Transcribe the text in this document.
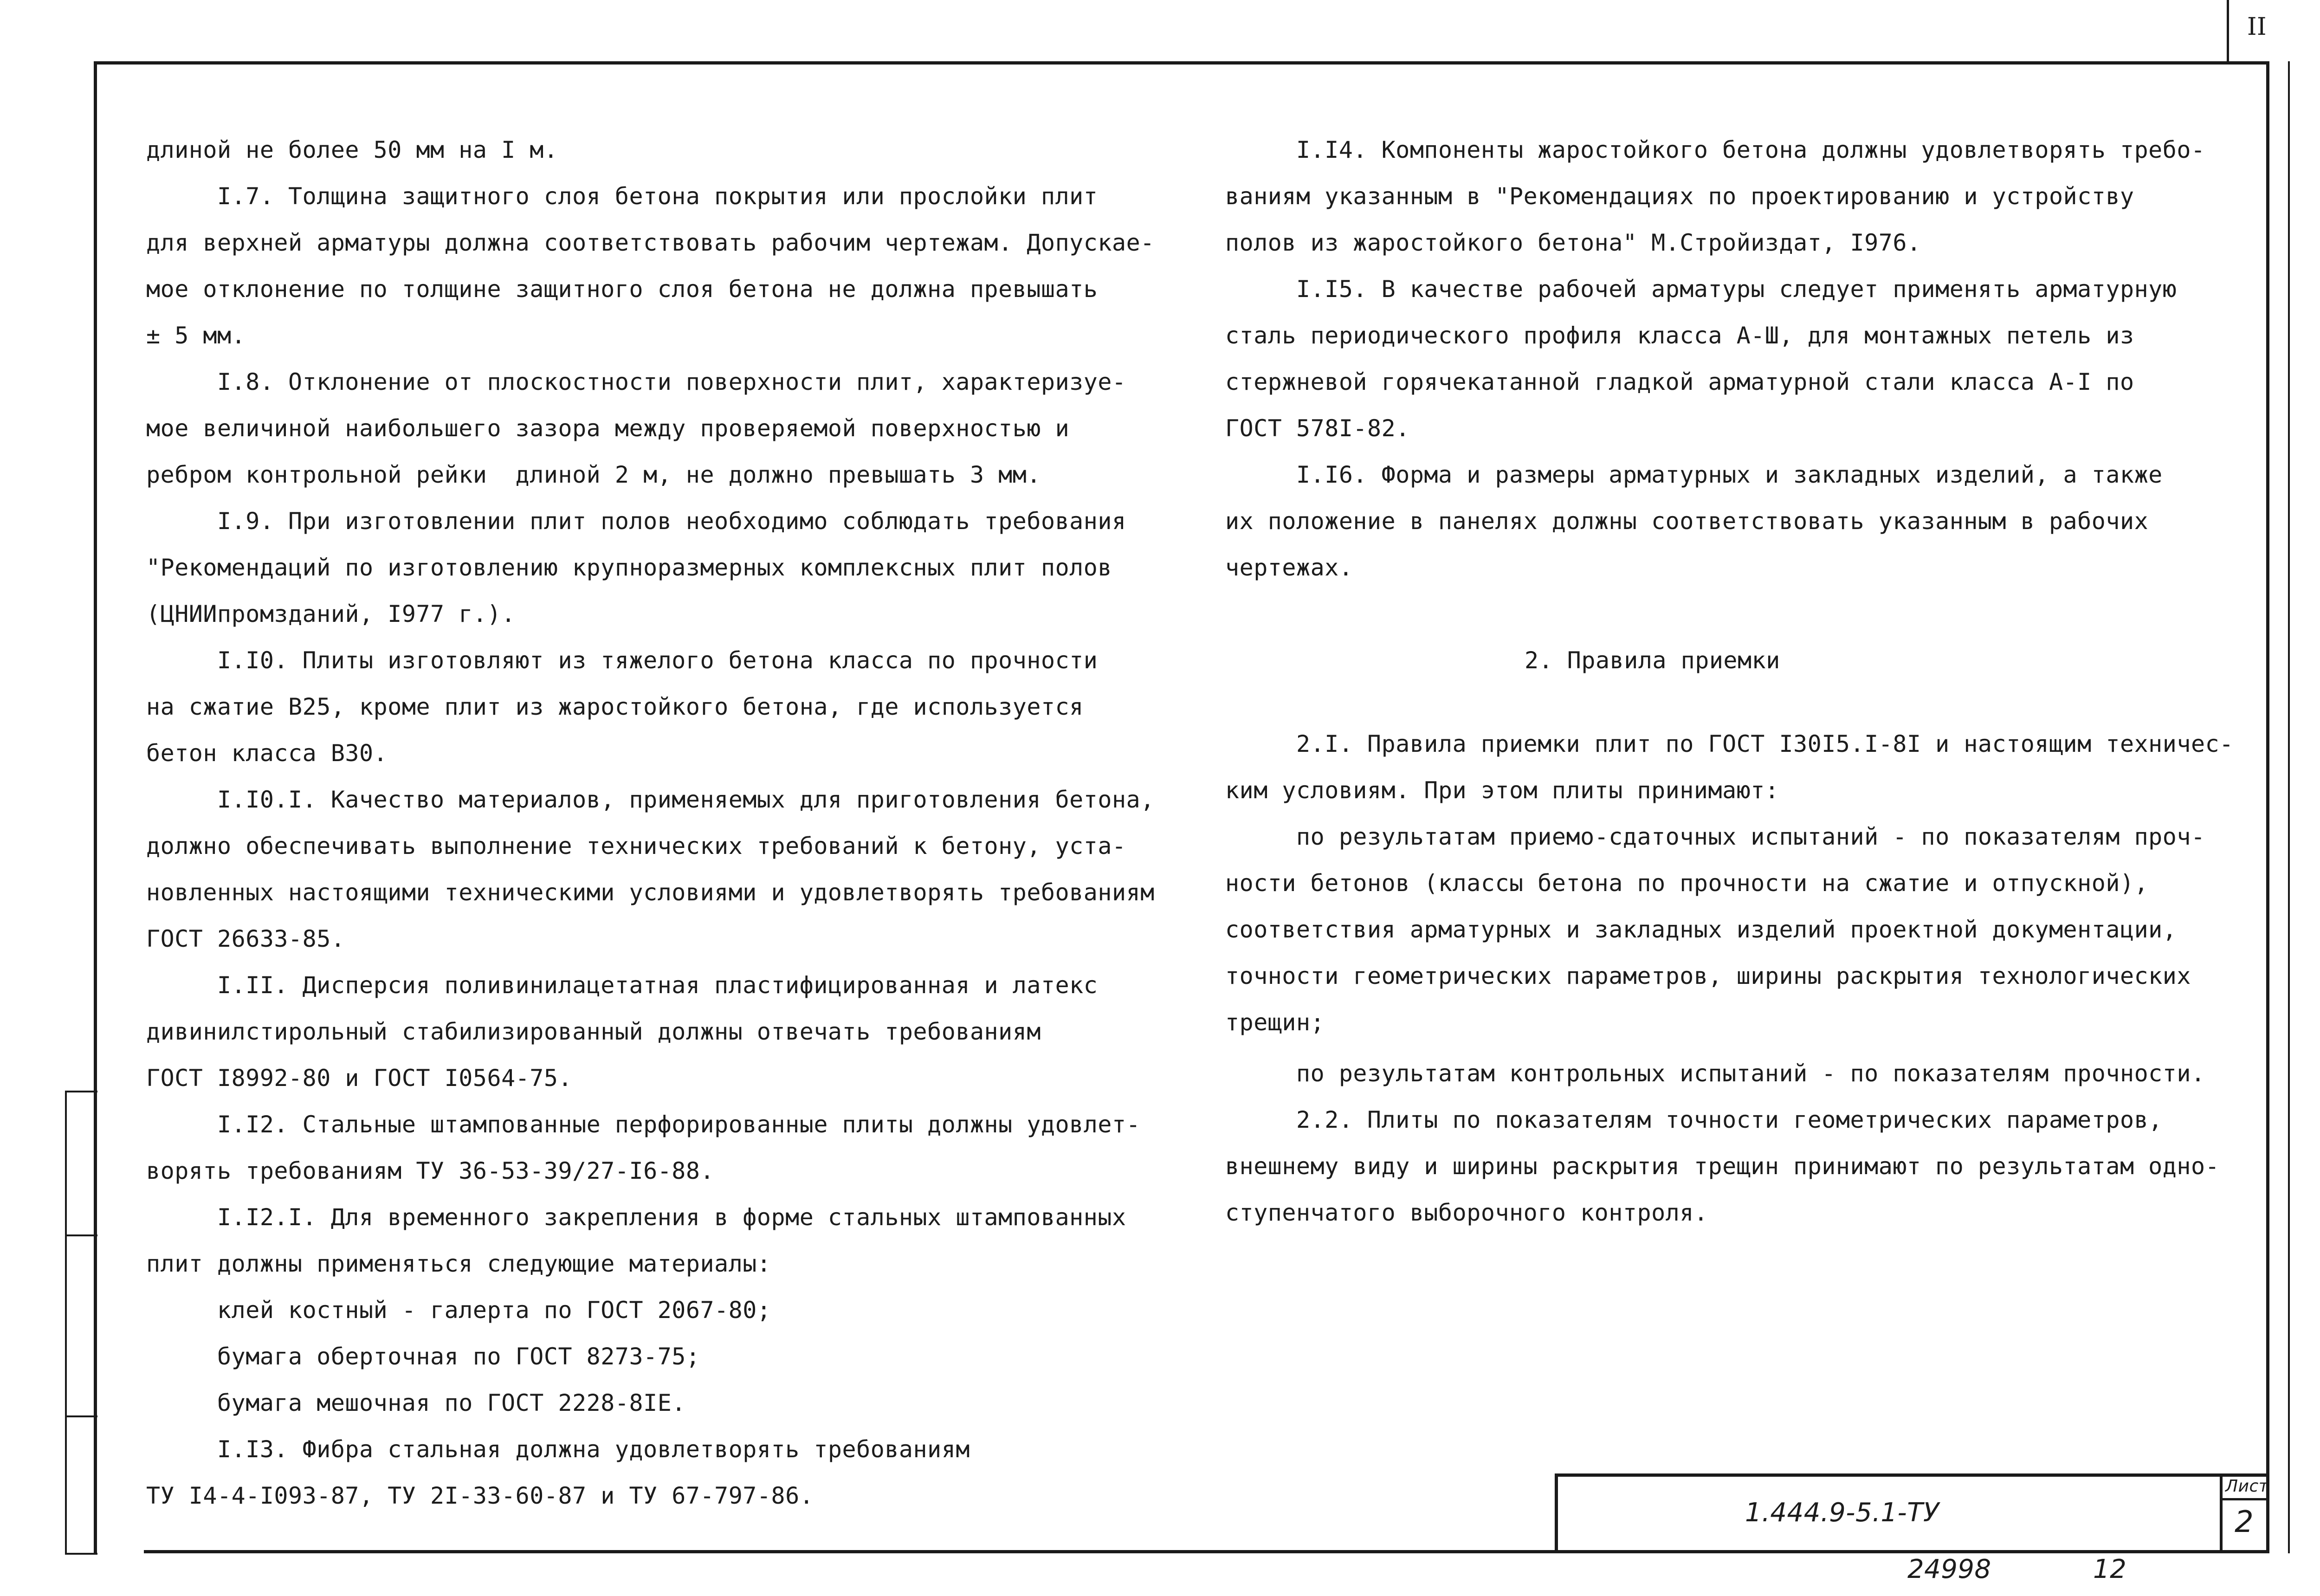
II
длиной не более 50 мм на I м.
I.7. Толщина защитного слоя бетона покрытия или прослойки плит
для верхней арматуры должна соответствовать рабочим чертежам. Допускае-
мое отклонение по толщине защитного слоя бетона не должна превышать
± 5 мм.
I.8. Отклонение от плоскостности поверхности плит, характеризуе-
мое величиной наибольшего зазора между проверяемой поверхностью и
ребром контрольной рейки  длиной 2 м, не должно превышать 3 мм.
I.9. При изготовлении плит полов необходимо соблюдать требования
"Рекомендаций по изготовлению крупноразмерных комплексных плит полов
(ЦНИИпромзданий, I977 г.).
I.I0. Плиты изготовляют из тяжелого бетона класса по прочности
на сжатие В25, кроме плит из жаростойкого бетона, где используется
бетон класса В30.
I.I0.I. Качество материалов, применяемых для приготовления бетона,
должно обеспечивать выполнение технических требований к бетону, уста-
новленных настоящими техническими условиями и удовлетворять требованиям
ГОСТ 26633-85.
I.II. Дисперсия поливинилацетатная пластифицированная и латекс
дивинилстирольный стабилизированный должны отвечать требованиям
ГОСТ I8992-80 и ГОСТ I0564-75.
I.I2. Стальные штампованные перфорированные плиты должны удовлет-
ворять требованиям ТУ 36-53-39/27-I6-88.
I.I2.I. Для временного закрепления в форме стальных штампованных
плит должны применяться следующие материалы:
клей костный - галерта по ГОСТ 2067-80;
бумага оберточная по ГОСТ 8273-75;
бумага мешочная по ГОСТ 2228-8IЕ.
I.I3. Фибра стальная должна удовлетворять требованиям
ТУ I4-4-I093-87, ТУ 2I-33-60-87 и ТУ 67-797-86.
I.I4. Компоненты жаростойкого бетона должны удовлетворять требо-
ваниям указанным в "Рекомендациях по проектированию и устройству
полов из жаростойкого бетона" М.Стройиздат, I976.
I.I5. В качестве рабочей арматуры следует применять арматурную
сталь периодического профиля класса А-Ш, для монтажных петель из
стержневой горячекатанной гладкой арматурной стали класса А-I по
ГОСТ 578I-82.
I.I6. Форма и размеры арматурных и закладных изделий, а также
их положение в панелях должны соответствовать указанным в рабочих
чертежах.
2. Правила приемки
2.I. Правила приемки плит по ГОСТ I30I5.I-8I и настоящим техничес-
ким условиям. При этом плиты принимают:
по результатам приемо-сдаточных испытаний - по показателям проч-
ности бетонов (классы бетона по прочности на сжатие и отпускной),
соответствия арматурных и закладных изделий проектной документации,
точности геометрических параметров, ширины раскрытия технологических
трещин;
по результатам контрольных испытаний - по показателям прочности.
2.2. Плиты по показателям точности геометрических параметров,
внешнему виду и ширины раскрытия трещин принимают по результатам одно-
ступенчатого выборочного контроля.
1.444.9-5.1-ТУ
Лист
2
24998	12
